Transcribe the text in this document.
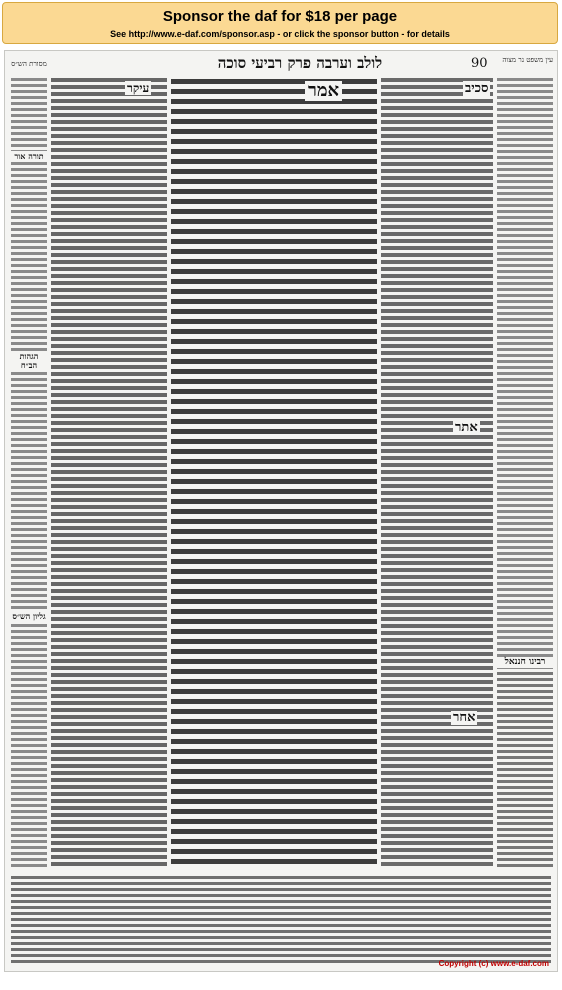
Sponsor the daf for $18 per page
See http://www.e-daf.com/sponsor.asp - or click the sponsor button - for details
90
לולב וערבה פרק רביעי סוכה	עין משפט נר מצוה
מסורת הש״ס
אמר	סכיב
עיקר
אתר
אחר
רבינו חננאל
תורה אור
הגהות הב״ח
גליון הש״ס
Copyright (c) www.e-daf.com
